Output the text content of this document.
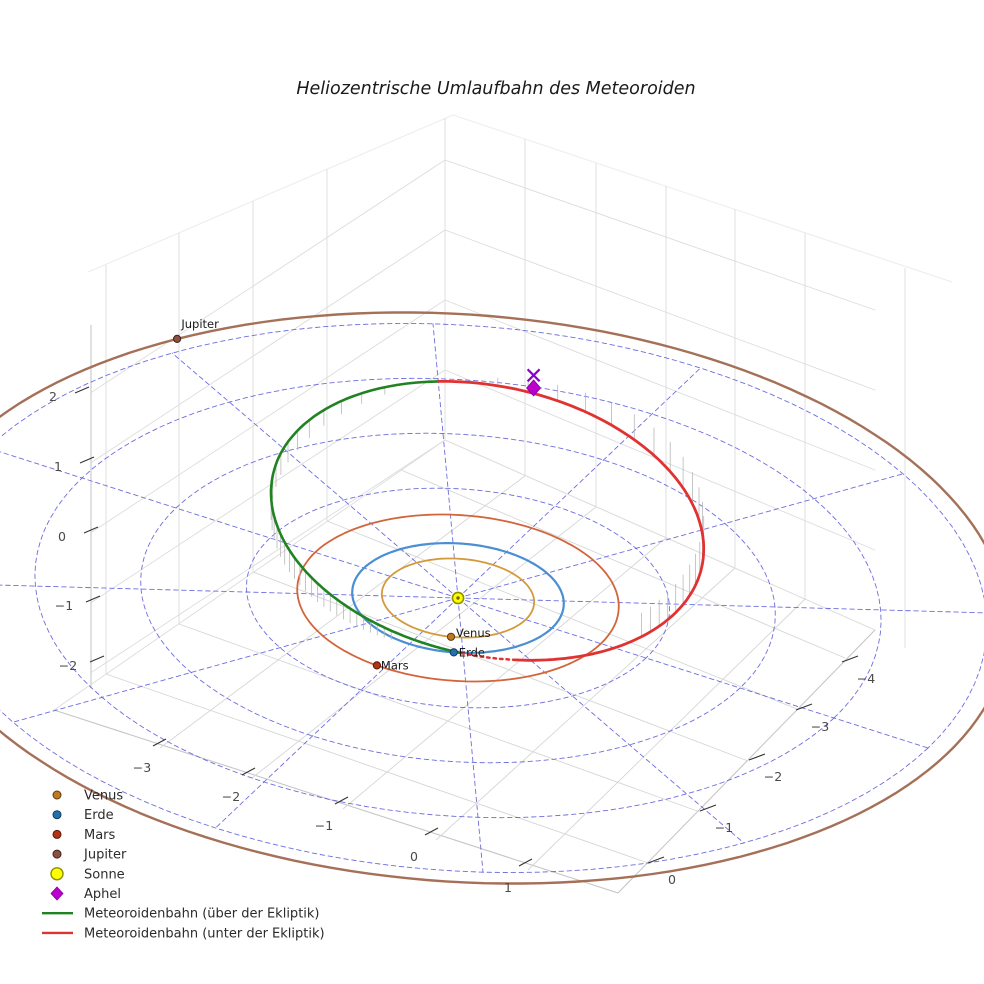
Venus
Erde
Mars
Jupiter
−3
−2
−1
0
1
−4
−3
−2
−1
0
2
1
0
−1
−2
Venus
Erde
Mars
Jupiter
Sonne
Aphel
Meteoroidenbahn (über der Ekliptik)
Meteoroidenbahn (unter der Ekliptik)
Heliozentrische Umlaufbahn des Meteoroiden
